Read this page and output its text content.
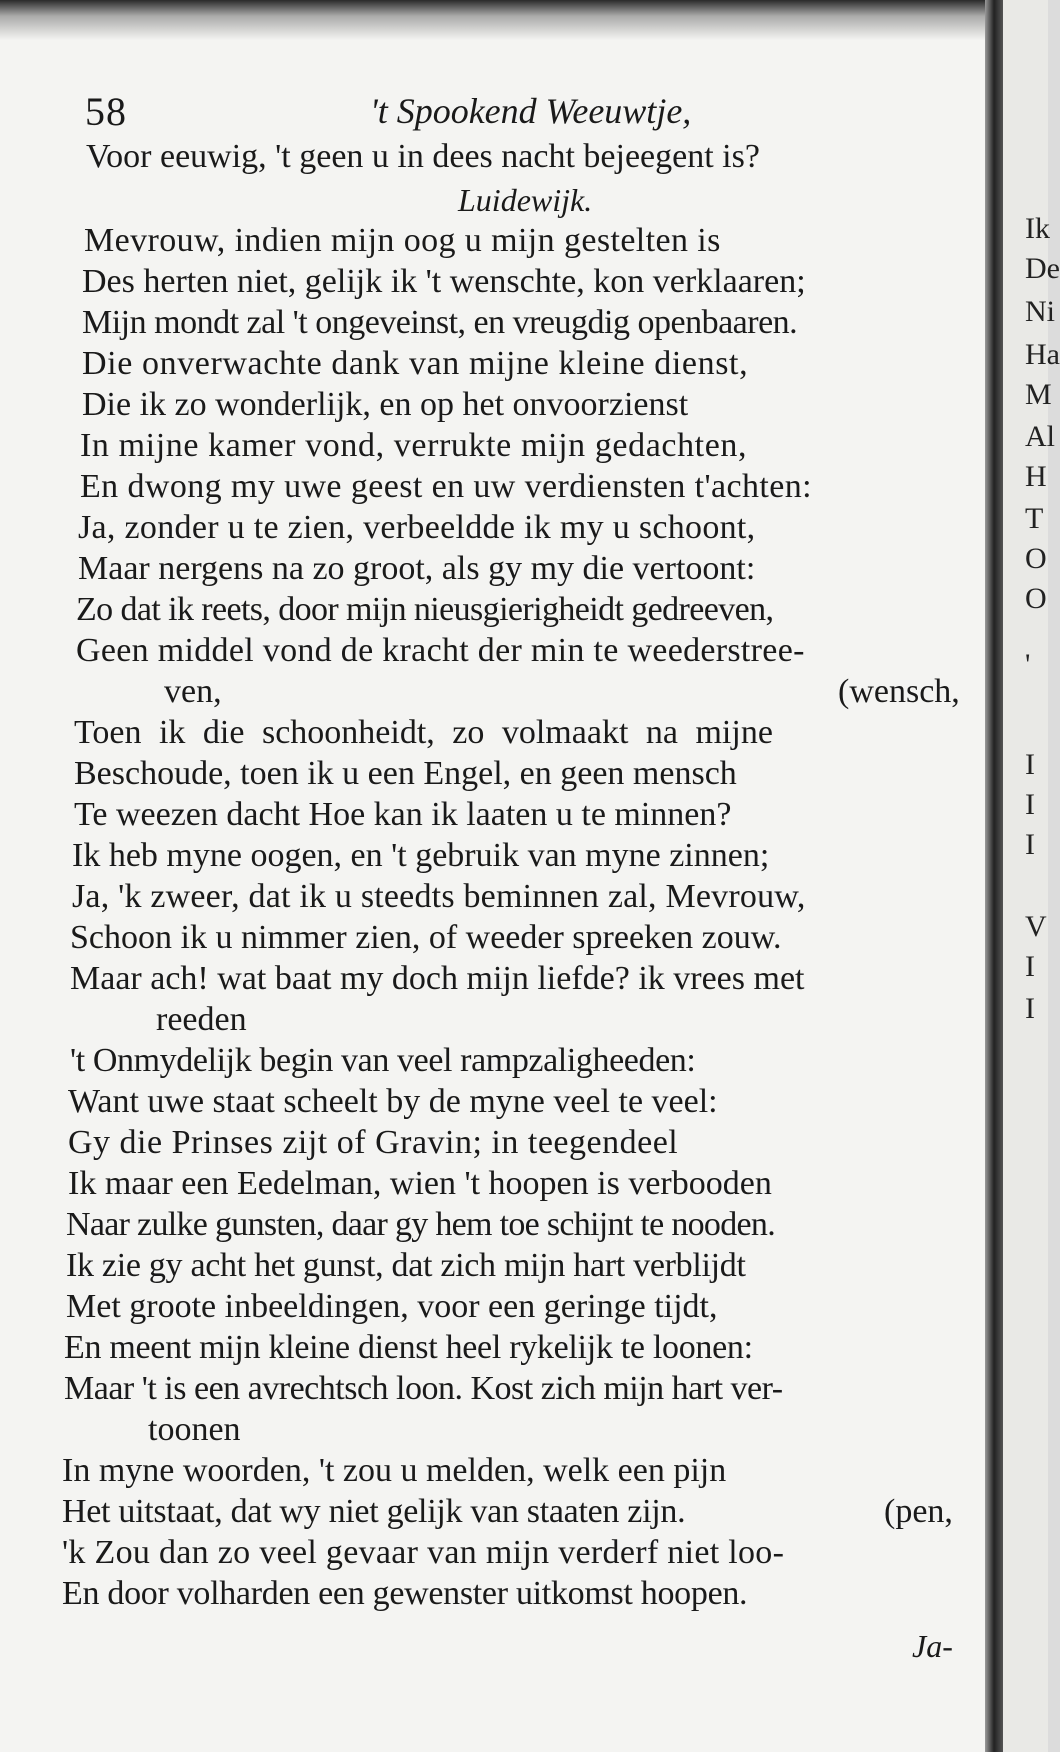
Ik
De
Ni
Ha
M
Al
H
T
O
O
'
I
I
I
V
I
I
58	't Spookend Weeuwtje,
Voor eeuwig, 't geen u in dees nacht bejeegent is?
Luidewijk.
Mevrouw, indien mijn oog u mijn gestelten is
Des herten niet, gelijk ik 't wenschte, kon verklaaren;
Mijn mondt zal 't ongeveinst, en vreugdig openbaaren.
Die onverwachte dank van mijne kleine dienst,
Die ik zo wonderlijk, en op het onvoorzienst
In mijne kamer vond, verrukte mijn gedachten,
En dwong my uwe geest en uw verdiensten t'achten:
Ja, zonder u te zien, verbeeldde ik my u schoont,
Maar nergens na zo groot, als gy my die vertoont:
Zo dat ik reets, door mijn nieusgierigheidt gedreeven,
Geen middel vond de kracht der min te weederstree-
ven,	(wensch,
Toen ik die schoonheidt, zo volmaakt na mijne
Beschoude, toen ik u een Engel, en geen mensch
Te weezen dacht Hoe kan ik laaten u te minnen?
Ik heb myne oogen, en 't gebruik van myne zinnen;
Ja, 'k zweer, dat ik u steedts beminnen zal, Mevrouw,
Schoon ik u nimmer zien, of weeder spreeken zouw.
Maar ach! wat baat my doch mijn liefde? ik vrees met
reeden
't Onmydelijk begin van veel rampzaligheeden:
Want uwe staat scheelt by de myne veel te veel:
Gy die Prinses zijt of Gravin; in teegendeel
Ik maar een Eedelman, wien 't hoopen is verbooden
Naar zulke gunsten, daar gy hem toe schijnt te nooden.
Ik zie gy acht het gunst, dat zich mijn hart verblijdt
Met groote inbeeldingen, voor een geringe tijdt,
En meent mijn kleine dienst heel rykelijk te loonen:
Maar 't is een avrechtsch loon. Kost zich mijn hart ver-
toonen
In myne woorden, 't zou u melden, welk een pijn
Het uitstaat, dat wy niet gelijk van staaten zijn.	(pen,
'k Zou dan zo veel gevaar van mijn verderf niet loo-
En door volharden een gewenster uitkomst hoopen.
Ja-
